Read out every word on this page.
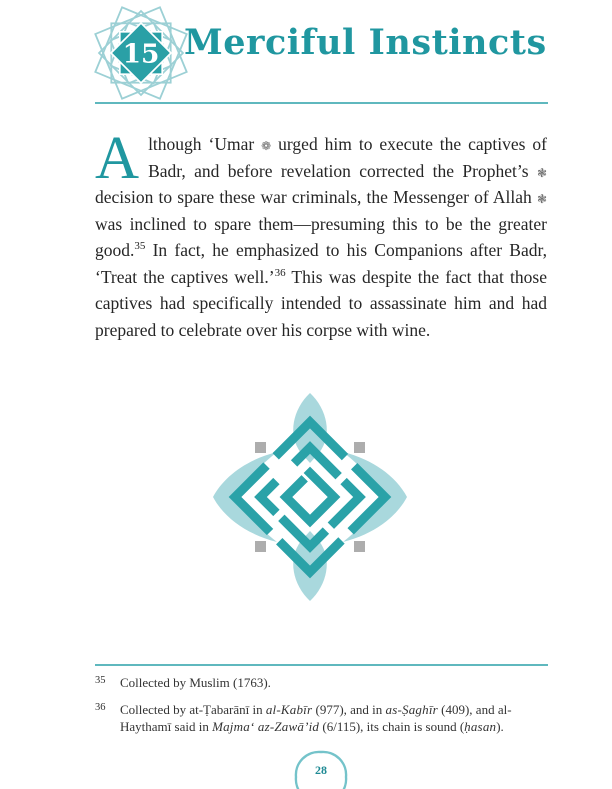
15 Merciful Instincts

Although ‘Umar ❁ urged him to execute the captives of Badr, and before revelation corrected the Prophet’s ❃ decision to spare these war criminals, the Messenger of Allah ❃ was inclined to spare them—presuming this to be the greater good.$^{35}$ In fact, he emphasized to his Companions after Badr, ‘Treat the captives well.’$^{36}$ This was despite the fact that those captives had specifically intended to assassinate him and had prepared to celebrate over his corpse with wine.

35	Collected by Muslim (1763).
36	Collected by at-Ṭabarānī in al-Kabīr (977), and in as-Ṣaghīr (409), and al-Haythamī said in Majma‘ az-Zawā’id (6/115), its chain is sound (ḥasan).
28
